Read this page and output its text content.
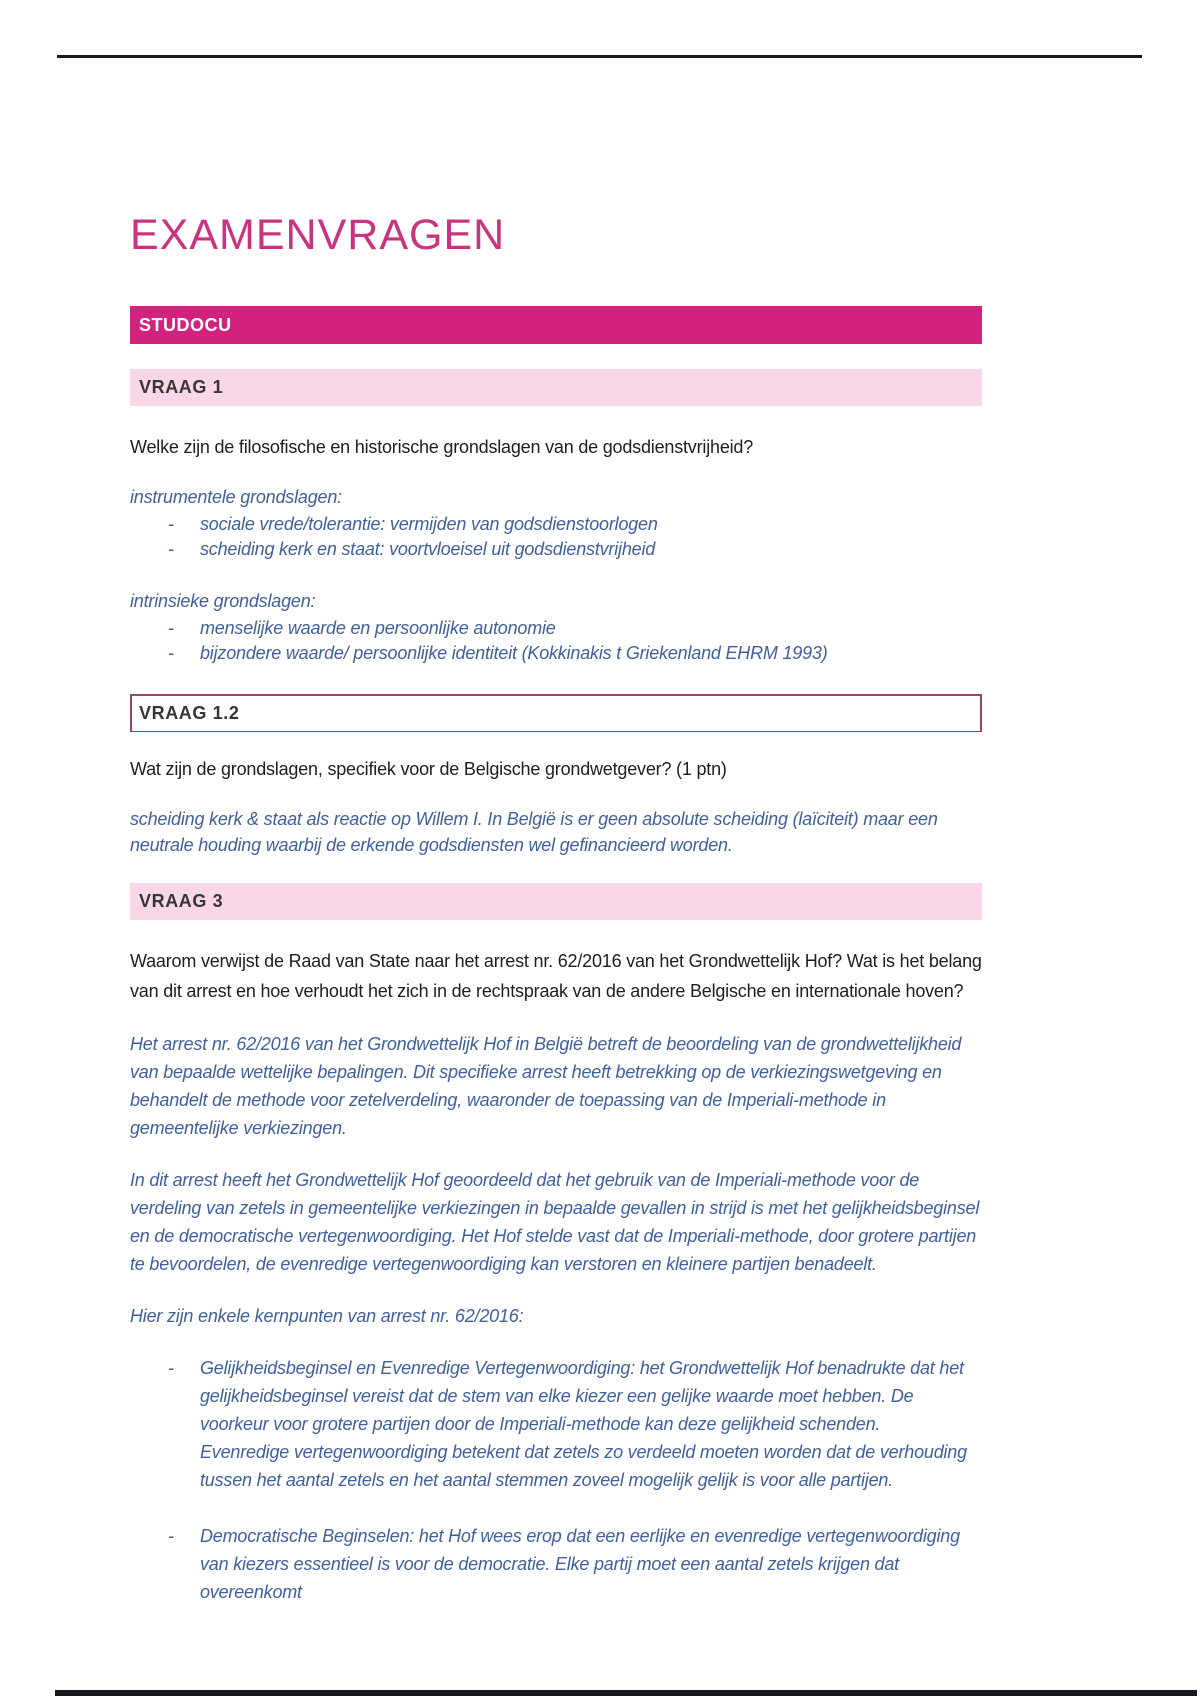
EXAMENVRAGEN
STUDOCU
VRAAG 1

Welke zijn de filosofische en historische grondslagen van de godsdienstvrijheid?

instrumentele grondslagen:

- sociale vrede/tolerantie: vermijden van godsdienstoorlogen
- scheiding kerk en staat: voortvloeisel uit godsdienstvrijheid

intrinsieke grondslagen:

- menselijke waarde en persoonlijke autonomie
- bijzondere waarde/ persoonlijke identiteit (Kokkinakis t Griekenland EHRM 1993)
VRAAG 1.2

Wat zijn de grondslagen, specifiek voor de Belgische grondwetgever? (1 ptn)

scheiding kerk & staat als reactie op Willem I. In België is er geen absolute scheiding (laïciteit) maar een neutrale houding waarbij de erkende godsdiensten wel gefinancieerd worden.

VRAAG 3

Waarom verwijst de Raad van State naar het arrest nr. 62/2016 van het Grondwettelijk Hof? Wat is het belang van dit arrest en hoe verhoudt het zich in de rechtspraak van de andere Belgische en internationale hoven?

Het arrest nr. 62/2016 van het Grondwettelijk Hof in België betreft de beoordeling van de grondwettelijkheid van bepaalde wettelijke bepalingen. Dit specifieke arrest heeft betrekking op de verkiezingswetgeving en behandelt de methode voor zetelverdeling, waaronder de toepassing van de Imperiali-methode in gemeentelijke verkiezingen.

In dit arrest heeft het Grondwettelijk Hof geoordeeld dat het gebruik van de Imperiali-methode voor de verdeling van zetels in gemeentelijke verkiezingen in bepaalde gevallen in strijd is met het gelijkheidsbeginsel en de democratische vertegenwoordiging. Het Hof stelde vast dat de Imperiali-methode, door grotere partijen te bevoordelen, de evenredige vertegenwoordiging kan verstoren en kleinere partijen benadeelt.

Hier zijn enkele kernpunten van arrest nr. 62/2016:

- Gelijkheidsbeginsel en Evenredige Vertegenwoordiging: het Grondwettelijk Hof benadrukte dat het gelijkheidsbeginsel vereist dat de stem van elke kiezer een gelijke waarde moet hebben. De voorkeur voor grotere partijen door de Imperiali-methode kan deze gelijkheid schenden.

Evenredige vertegenwoordiging betekent dat zetels zo verdeeld moeten worden dat de verhouding tussen het aantal zetels en het aantal stemmen zoveel mogelijk gelijk is voor alle partijen.

- Democratische Beginselen: het Hof wees erop dat een eerlijke en evenredige vertegenwoordiging van kiezers essentieel is voor de democratie. Elke partij moet een aantal zetels krijgen dat overeenkomt
